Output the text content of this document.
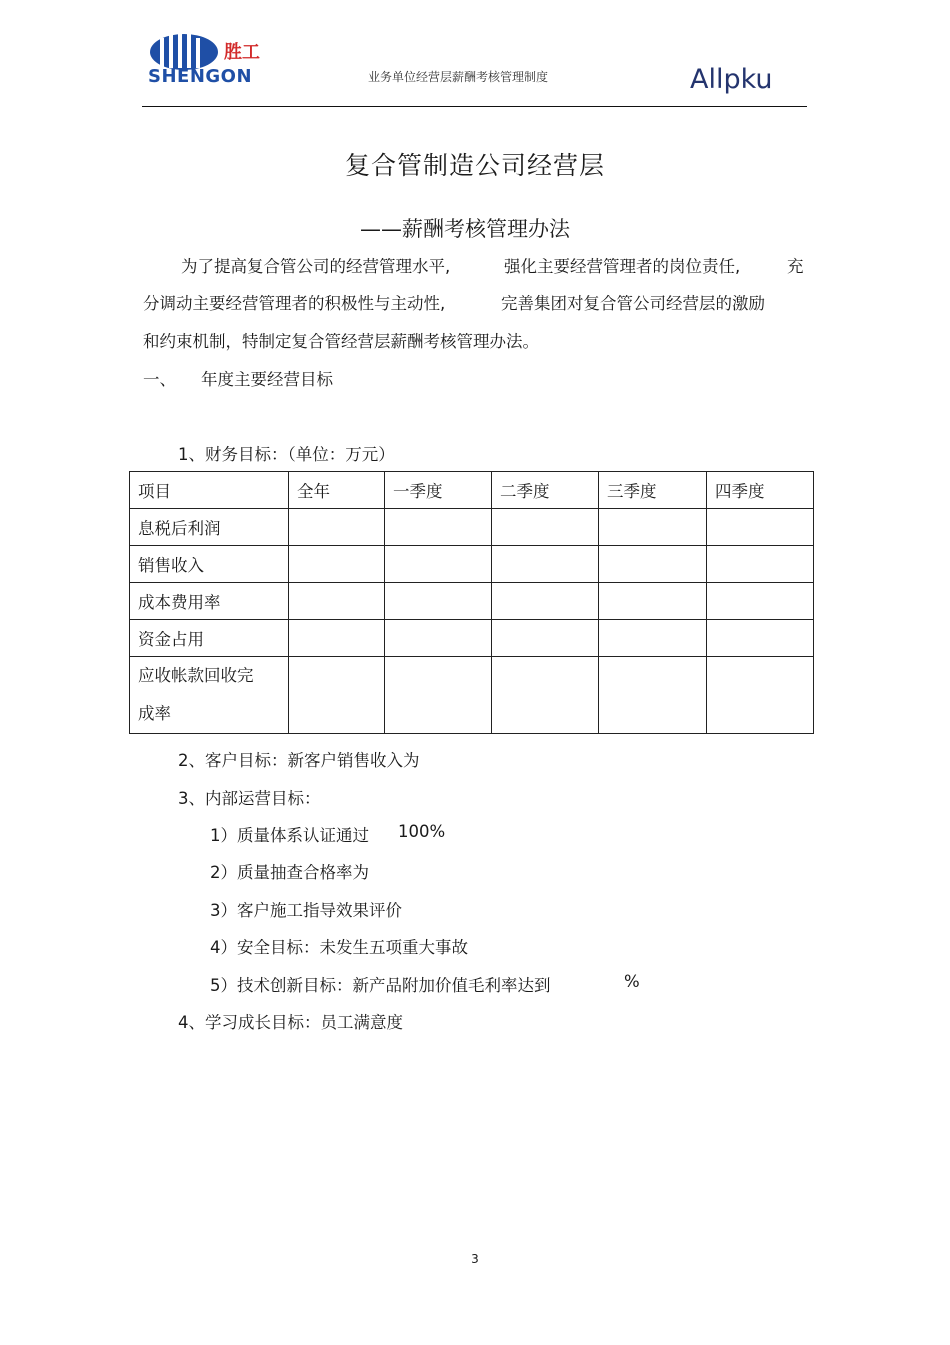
胜工
SHENGON	业务单位经营层薪酬考核管理制度	Allpku
复合管制造公司经营层
——薪酬考核管理办法
为了提高复合管公司的经营管理水平,	强化主要经营管理者的岗位责任,	充
分调动主要经营管理者的积极性与主动性,	完善集团对复合管公司经营层的激励
和约束机制，特制定复合管经营层薪酬考核管理办法。
一、 年度主要经营目标
1、财务目标：（单位：万元）
项目	全年	一季度	二季度	三季度	四季度
息税后利润					
销售收入					
成本费用率					
资金占用					

应收帐款回收完
成率					

2、客户目标：新客户销售收入为
3、内部运营目标：
1）质量体系认证通过 100%
2）质量抽查合格率为
3）客户施工指导效果评价
4）安全目标：未发生五项重大事故
5）技术创新目标：新产品附加价值毛利率达到	%
4、学习成长目标：员工满意度
3
